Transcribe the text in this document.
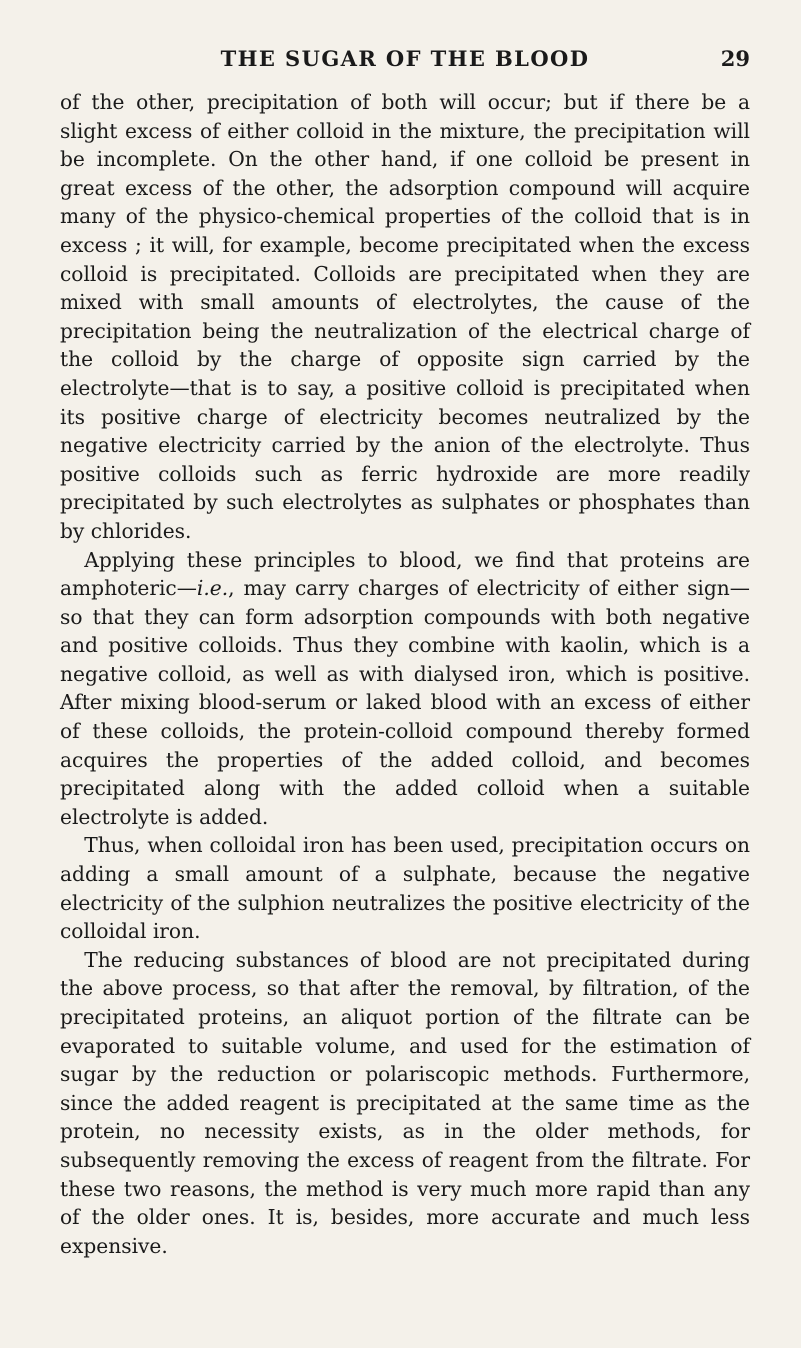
THE SUGAR OF THE BLOOD	29

of the other, precipitation of both will occur; but if there be a slight excess of either colloid in the mixture, the precipitation will be incomplete. On the other hand, if one colloid be present in great excess of the other, the adsorption compound will acquire many of the physico-chemical properties of the colloid that is in excess ; it will, for example, become precipitated when the excess colloid is precipitated. Colloids are precipitated when they are mixed with small amounts of electrolytes, the cause of the precipitation being the neutralization of the electrical charge of the colloid by the charge of opposite sign carried by the electrolyte—that is to say, a positive colloid is precipitated when its positive charge of electricity becomes neutralized by the negative electricity carried by the anion of the electrolyte. Thus positive colloids such as ferric hydroxide are more readily precipitated by such electrolytes as sulphates or phosphates than by chlorides.

Applying these principles to blood, we find that proteins are amphoteric—i.e., may carry charges of electricity of either sign—so that they can form adsorption compounds with both negative and positive colloids. Thus they combine with kaolin, which is a negative colloid, as well as with dialysed iron, which is positive. After mixing blood-serum or laked blood with an excess of either of these colloids, the protein-colloid compound thereby formed acquires the properties of the added colloid, and becomes precipitated along with the added colloid when a suitable electrolyte is added.

Thus, when colloidal iron has been used, precipitation occurs on adding a small amount of a sulphate, because the negative electricity of the sulphion neutralizes the positive electricity of the colloidal iron.

The reducing substances of blood are not precipitated during the above process, so that after the removal, by filtration, of the precipitated proteins, an aliquot portion of the filtrate can be evaporated to suitable volume, and used for the estimation of sugar by the reduction or polariscopic methods. Furthermore, since the added reagent is precipitated at the same time as the protein, no necessity exists, as in the older methods, for subsequently removing the excess of reagent from the filtrate. For these two reasons, the method is very much more rapid than any of the older ones. It is, besides, more accurate and much less expensive.
